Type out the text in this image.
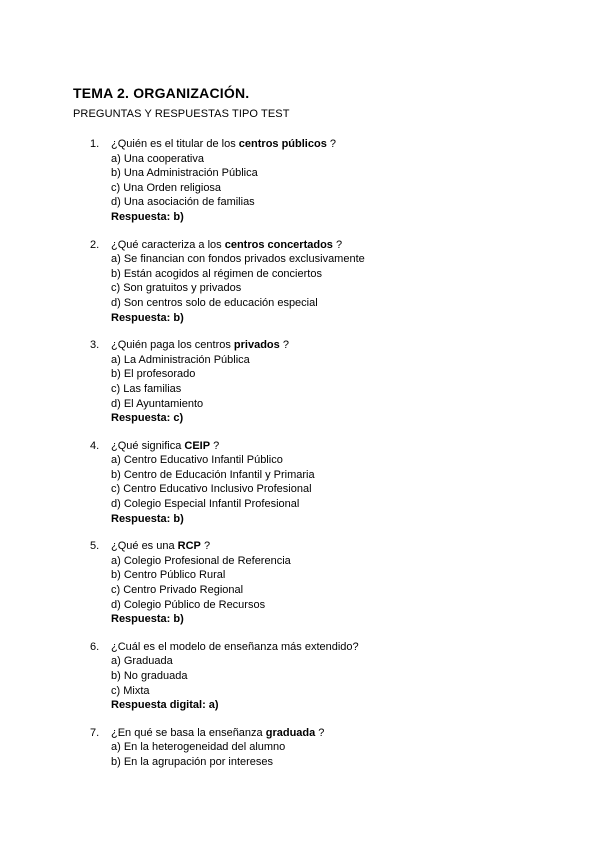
TEMA 2. ORGANIZACIÓN.
PREGUNTAS Y RESPUESTAS TIPO TEST
1. ¿Quién es el titular de los centros públicos ?
a) Una cooperativa
b) Una Administración Pública
c) Una Orden religiosa
d) Una asociación de familias
Respuesta: b)
2. ¿Qué caracteriza a los centros concertados ?
a) Se financian con fondos privados exclusivamente
b) Están acogidos al régimen de conciertos
c) Son gratuitos y privados
d) Son centros solo de educación especial
Respuesta: b)
3. ¿Quién paga los centros privados ?
a) La Administración Pública
b) El profesorado
c) Las familias
d) El Ayuntamiento
Respuesta: c)
4. ¿Qué significa CEIP ?
a) Centro Educativo Infantil Público
b) Centro de Educación Infantil y Primaria
c) Centro Educativo Inclusivo Profesional
d) Colegio Especial Infantil Profesional
Respuesta: b)
5. ¿Qué es una RCP ?
a) Colegio Profesional de Referencia
b) Centro Público Rural
c) Centro Privado Regional
d) Colegio Público de Recursos
Respuesta: b)
6. ¿Cuál es el modelo de enseñanza más extendido?
a) Graduada
b) No graduada
c) Mixta
Respuesta digital: a)
7. ¿En qué se basa la enseñanza graduada ?
a) En la heterogeneidad del alumno
b) En la agrupación por intereses
